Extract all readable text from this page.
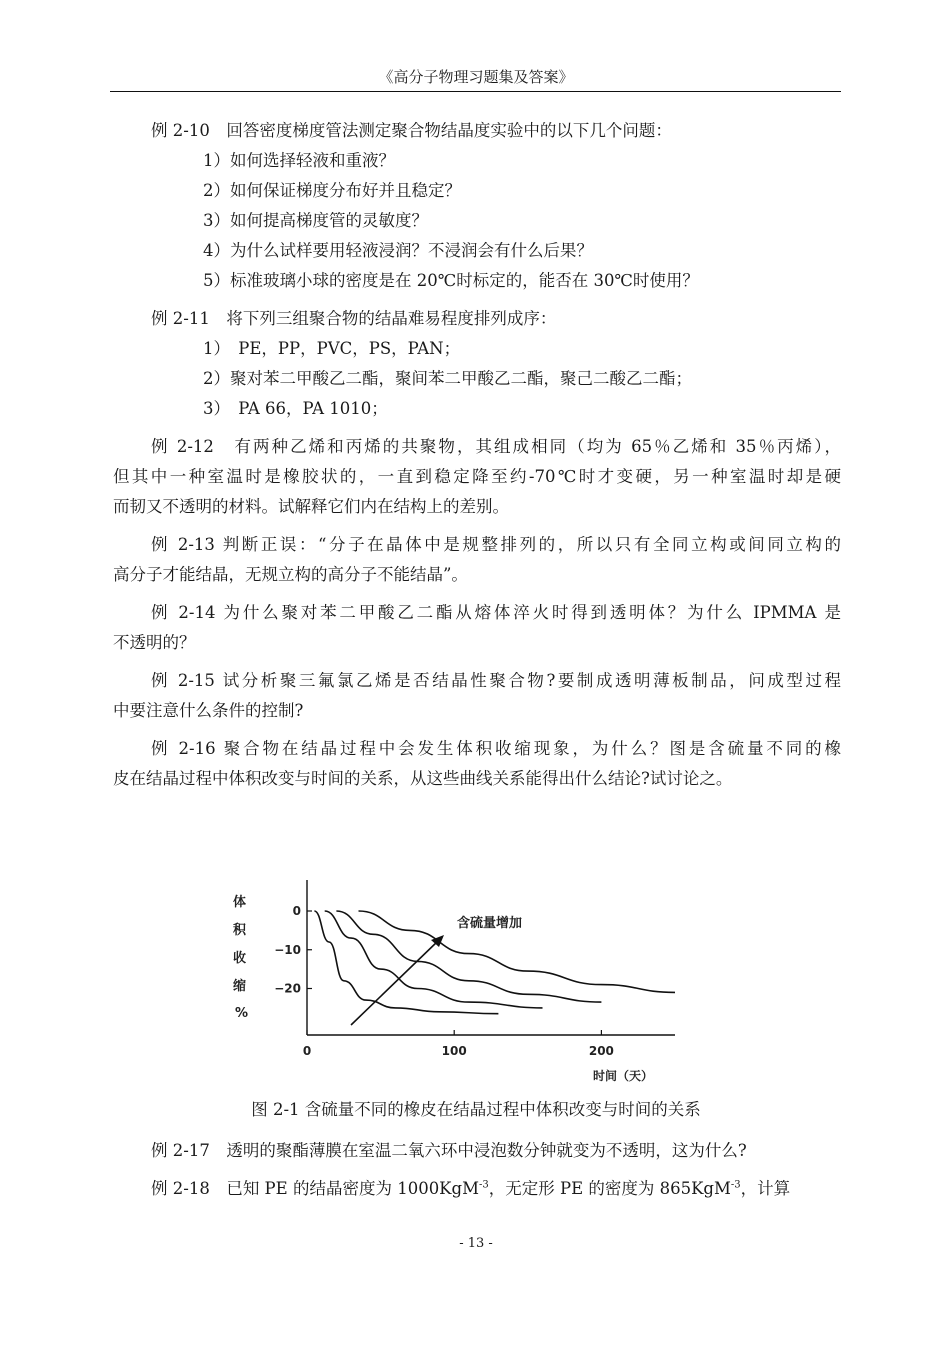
《高分子物理习题集及答案》
例 2-10　回答密度梯度管法测定聚合物结晶度实验中的以下几个问题：
1）如何选择轻液和重液？
2）如何保证梯度分布好并且稳定？
3）如何提高梯度管的灵敏度？
4）为什么试样要用轻液浸润？不浸润会有什么后果？
5）标准玻璃小球的密度是在 20℃时标定的，能否在 30℃时使用？
例 2-11　将下列三组聚合物的结晶难易程度排列成序：
1）　PE，PP，PVC，PS，PAN；
2）聚对苯二甲酸乙二酯，聚间苯二甲酸乙二酯，聚己二酸乙二酯；
3）　PA 66，PA 1010；
例 2-12　有两种乙烯和丙烯的共聚物，其组成相同（均为 65％乙烯和 35％丙烯），
但其中一种室温时是橡胶状的，一直到稳定降至约-70℃时才变硬，另一种室温时却是硬
而韧又不透明的材料。试解释它们内在结构上的差别。
例 2-13 判断正误：“分子在晶体中是规整排列的，所以只有全同立构或间同立构的
高分子才能结晶，无规立构的高分子不能结晶”。
例 2-14 为什么聚对苯二甲酸乙二酯从熔体淬火时得到透明体？为什么 IPMMA 是
不透明的？
例 2-15 试分析聚三氟氯乙烯是否结晶性聚合物?要制成透明薄板制品，问成型过程
中要注意什么条件的控制?
例 2-16 聚合物在结晶过程中会发生体积收缩现象，为什么？图是含硫量不同的橡
皮在结晶过程中体积改变与时间的关系，从这些曲线关系能得出什么结论?试讨论之。
体
积
收
缩
%
时间（天）
含硫量增加
0
−10
−20
0	100	200
图 2-1 含硫量不同的橡皮在结晶过程中体积改变与时间的关系
例 2-17　透明的聚酯薄膜在室温二氧六环中浸泡数分钟就变为不透明，这为什么?
例 2-18　已知 PE 的结晶密度为 1000KgM$^{-3}$，无定形 PE 的密度为 865KgM$^{-3}$，计算
- 13 -
